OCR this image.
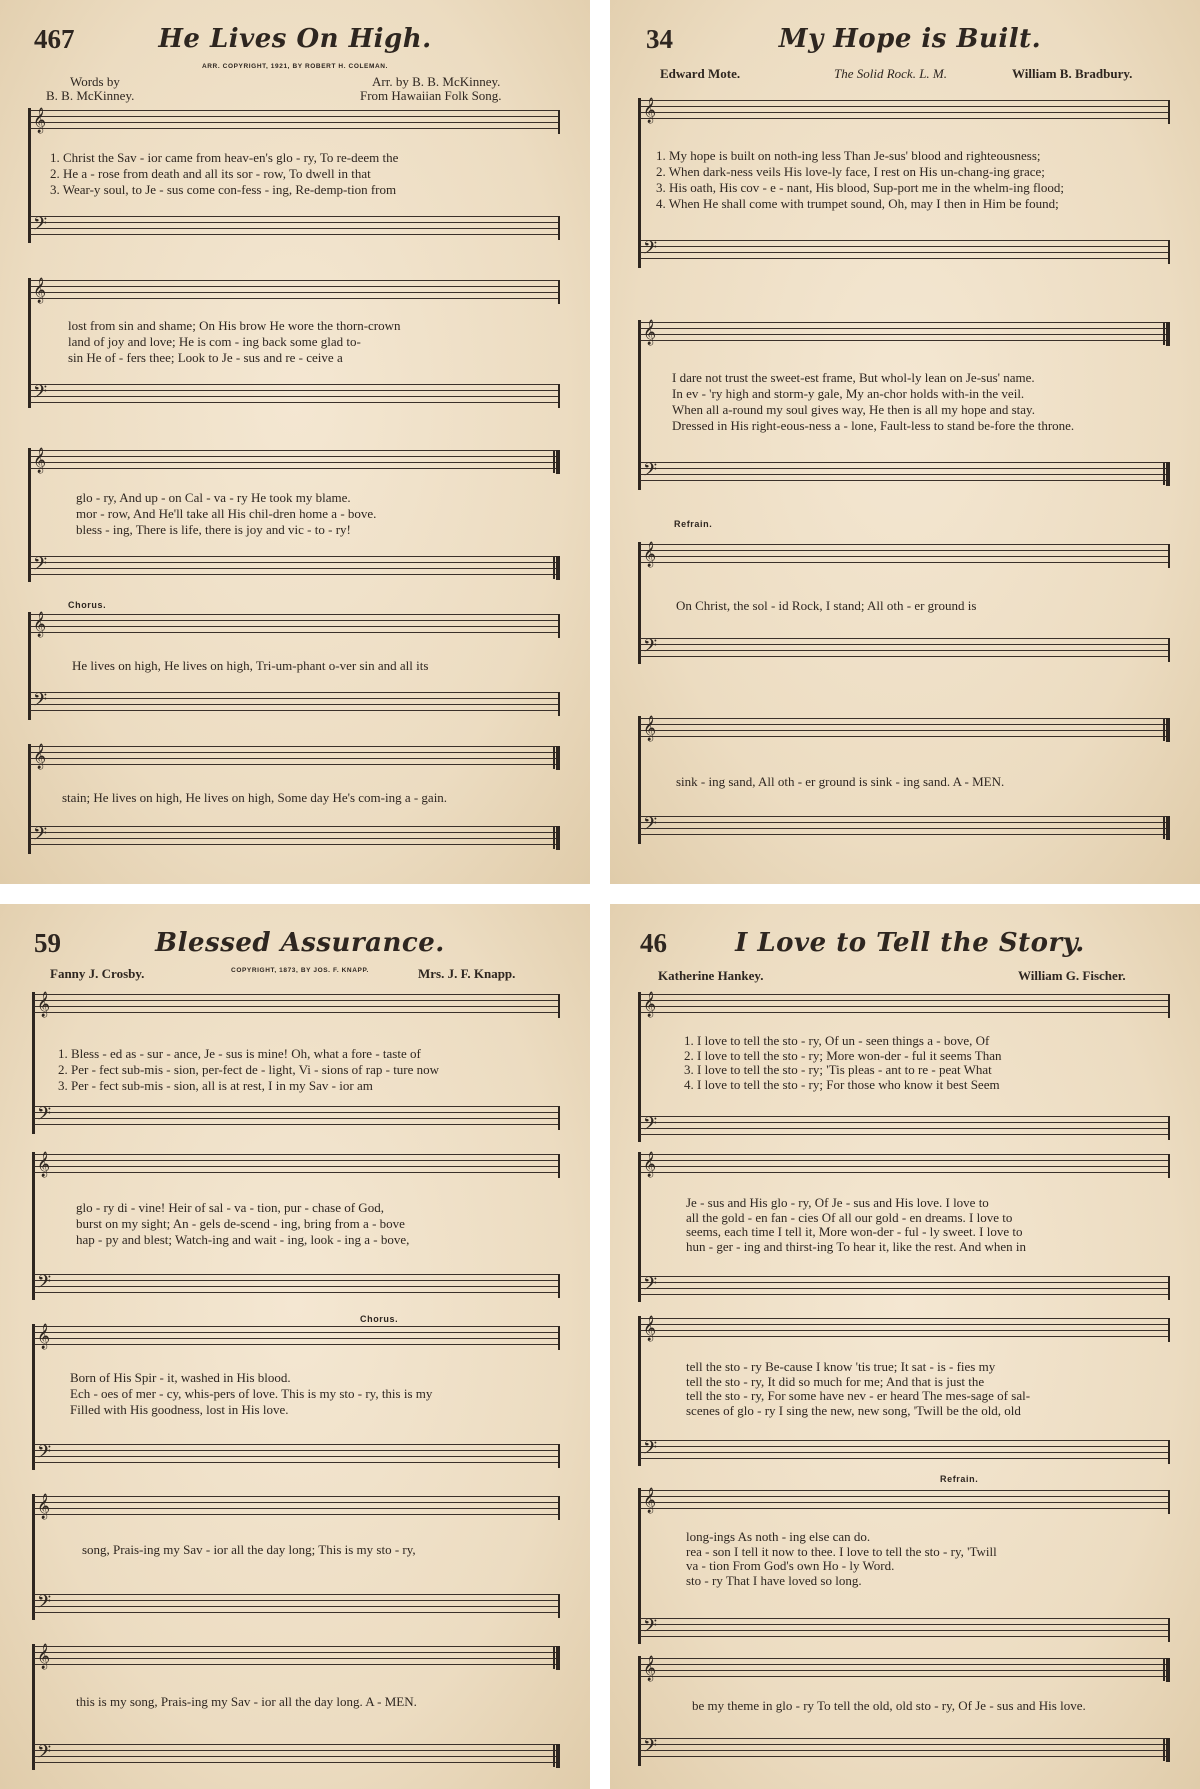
467	He Lives On High.
ARR. COPYRIGHT, 1921, BY ROBERT H. COLEMAN.
Words by
B. B. McKinney.
Arr. by B. B. McKinney.
From Hawaiian Folk Song.
𝄞
1. Christ the Sav - ior came from heav-en's glo - ry, To re-deem the
2. He a - rose from death and all its sor - row, To dwell in that
3. Wear-y soul, to Je - sus come con-fess - ing, Re-demp-tion from
𝄢
𝄞
lost from sin and shame; On His brow He wore the thorn-crown
land of joy and love; He is com - ing back some glad to-
sin He of - fers thee; Look to Je - sus and re - ceive a
𝄢
𝄞
glo - ry, And up - on Cal - va - ry He took my blame.
mor - row, And He'll take all His chil-dren home a - bove.
bless - ing, There is life, there is joy and vic - to - ry!
𝄢
Chorus.
𝄞
He lives on high, He lives on high, Tri-um-phant o-ver sin and all its
𝄢
𝄞
stain; He lives on high, He lives on high, Some day He's com-ing a - gain.
𝄢
34	My Hope is Built.
Edward Mote.	The Solid Rock. L. M.	William B. Bradbury.
𝄞
1. My hope is built on noth-ing less Than Je-sus' blood and righteousness;
2. When dark-ness veils His love-ly face, I rest on His un-chang-ing grace;
3. His oath, His cov - e - nant, His blood, Sup-port me in the whelm-ing flood;
4. When He shall come with trumpet sound, Oh, may I then in Him be found;
𝄢
𝄞
I dare not trust the sweet-est frame, But whol-ly lean on Je-sus' name.
In ev - 'ry high and storm-y gale, My an-chor holds with-in the veil.
When all a-round my soul gives way, He then is all my hope and stay.
Dressed in His right-eous-ness a - lone, Fault-less to stand be-fore the throne.
𝄢
Refrain.
𝄞
On Christ, the sol - id Rock, I stand; All oth - er ground is
𝄢
𝄞
sink - ing sand, All oth - er ground is sink - ing sand. A - MEN.
𝄢
59	Blessed Assurance.
Fanny J. Crosby.	COPYRIGHT, 1873, BY JOS. F. KNAPP.	Mrs. J. F. Knapp.
𝄞
1. Bless - ed as - sur - ance, Je - sus is mine! Oh, what a fore - taste of
2. Per - fect sub-mis - sion, per-fect de - light, Vi - sions of rap - ture now
3. Per - fect sub-mis - sion, all is at rest, I in my Sav - ior am
𝄢
𝄞
glo - ry di - vine! Heir of sal - va - tion, pur - chase of God,
burst on my sight; An - gels de-scend - ing, bring from a - bove
hap - py and blest; Watch-ing and wait - ing, look - ing a - bove,
𝄢
Chorus.
𝄞
Born of His Spir - it, washed in His blood.
Ech - oes of mer - cy, whis-pers of love. This is my sto - ry, this is my
Filled with His goodness, lost in His love.
𝄢
𝄞
song, Prais-ing my Sav - ior all the day long; This is my sto - ry,
𝄢
𝄞
this is my song, Prais-ing my Sav - ior all the day long. A - MEN.
𝄢
46	I Love to Tell the Story.
Katherine Hankey.	William G. Fischer.
𝄞
1. I love to tell the sto - ry, Of un - seen things a - bove, Of
2. I love to tell the sto - ry; More won-der - ful it seems Than
3. I love to tell the sto - ry; 'Tis pleas - ant to re - peat What
4. I love to tell the sto - ry; For those who know it best Seem
𝄢
𝄞
Je - sus and His glo - ry, Of Je - sus and His love. I love to
all the gold - en fan - cies Of all our gold - en dreams. I love to
seems, each time I tell it, More won-der - ful - ly sweet. I love to
hun - ger - ing and thirst-ing To hear it, like the rest. And when in
𝄢
𝄞
tell the sto - ry Be-cause I know 'tis true; It sat - is - fies my
tell the sto - ry, It did so much for me; And that is just the
tell the sto - ry, For some have nev - er heard The mes-sage of sal-
scenes of glo - ry I sing the new, new song, 'Twill be the old, old
𝄢
Refrain.
𝄞
long-ings As noth - ing else can do.
rea - son I tell it now to thee. I love to tell the sto - ry, 'Twill
va - tion From God's own Ho - ly Word.
sto - ry That I have loved so long.
𝄢
𝄞
be my theme in glo - ry To tell the old, old sto - ry, Of Je - sus and His love.
𝄢
